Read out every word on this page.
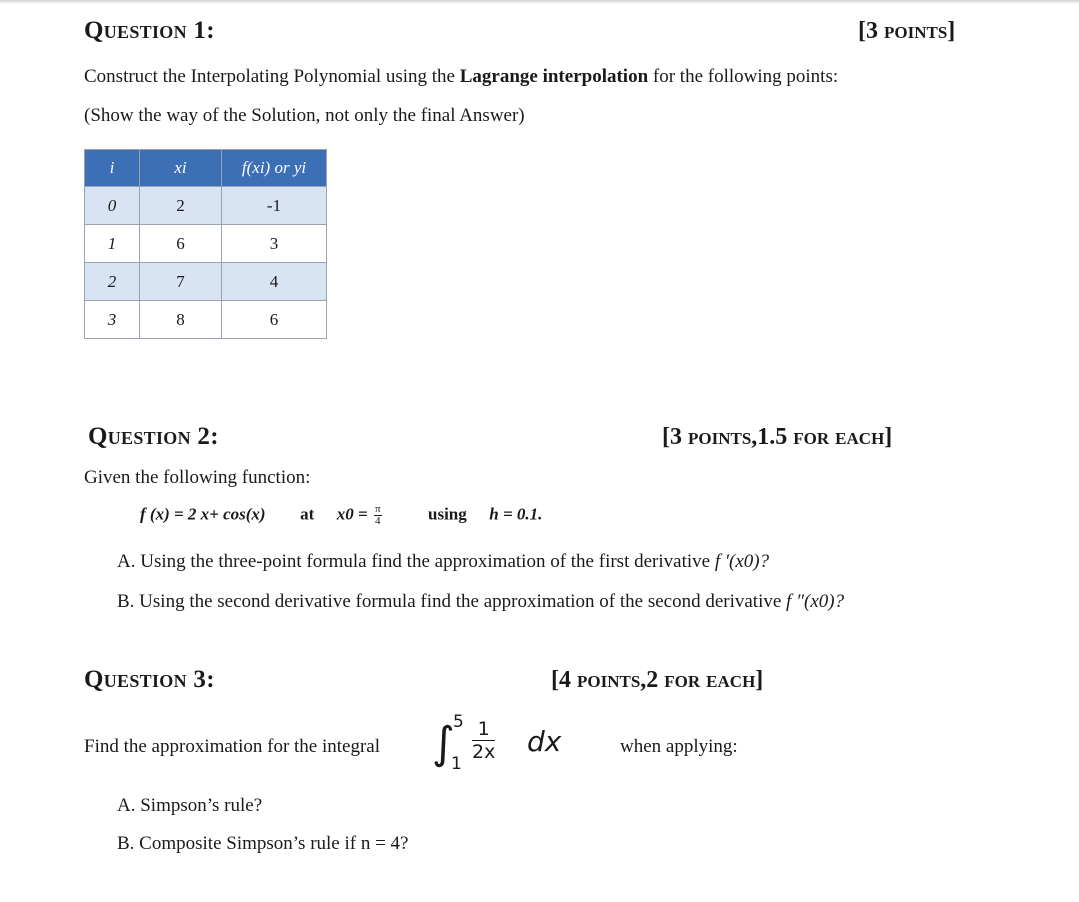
Question 1:	[3 points]
Construct the Interpolating Polynomial using the Lagrange interpolation for the following points:
(Show the way of the Solution, not only the final Answer)
i	xi	f(xi) or yi
0	2	-1
1	6	3
2	7	4
3	8	6
Question 2:	[3 points,1.5 for each]
Given the following function:
f (x) = 2 x+ cos(x) at $x0 = \frac{\pi}{4}$	using h = 0.1.
A. Using the three-point formula find the approximation of the first derivative f ′(x0)?
B. Using the second derivative formula find the approximation of the second derivative f ″(x0)?
Question 3:	[4 points,2 for each]
Find the approximation for the integral ∫
5
1
$\frac{1}{2x}$ dx	when applying:
A. Simpson’s rule?
B. Composite Simpson’s rule if n = 4?
